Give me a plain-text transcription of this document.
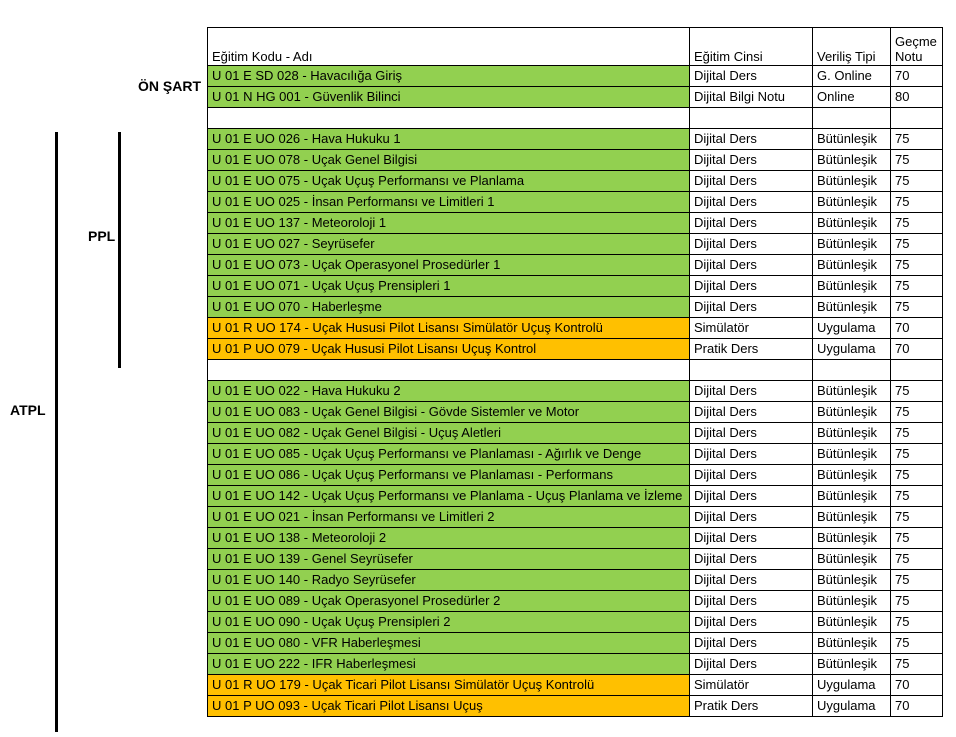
ÖN ŞART
PPL
ATPL
Eğitim Kodu - Adı	Eğitim Cinsi	Veriliş Tipi	Geçme
Notu
U 01 E SD 028 - Havacılığa Giriş	Dijital Ders	G. Online	70
U 01 N HG 001 - Güvenlik Bilinci	Dijital Bilgi Notu	Online	80

U 01 E UO 026 - Hava Hukuku 1	Dijital Ders	Bütünleşik	75
U 01 E UO 078 - Uçak Genel Bilgisi	Dijital Ders	Bütünleşik	75
U 01 E UO 075 - Uçak Uçuş Performansı ve Planlama	Dijital Ders	Bütünleşik	75
U 01 E UO 025 - İnsan Performansı ve Limitleri 1	Dijital Ders	Bütünleşik	75
U 01 E UO 137 - Meteoroloji 1	Dijital Ders	Bütünleşik	75
U 01 E UO 027 - Seyrüsefer	Dijital Ders	Bütünleşik	75
U 01 E UO 073 - Uçak Operasyonel Prosedürler 1	Dijital Ders	Bütünleşik	75
U 01 E UO 071 - Uçak Uçuş Prensipleri 1	Dijital Ders	Bütünleşik	75
U 01 E UO 070 - Haberleşme	Dijital Ders	Bütünleşik	75
U 01 R UO 174 - Uçak Hususi Pilot Lisansı Simülatör Uçuş Kontrolü	Simülatör	Uygulama	70
U 01 P UO 079 - Uçak Hususi Pilot Lisansı Uçuş Kontrol	Pratik Ders	Uygulama	70

U 01 E UO 022 - Hava Hukuku 2	Dijital Ders	Bütünleşik	75
U 01 E UO 083 - Uçak Genel Bilgisi - Gövde Sistemler ve Motor	Dijital Ders	Bütünleşik	75
U 01 E UO 082 - Uçak Genel Bilgisi - Uçuş Aletleri	Dijital Ders	Bütünleşik	75
U 01 E UO 085 - Uçak Uçuş Performansı ve Planlaması - Ağırlık ve Denge	Dijital Ders	Bütünleşik	75
U 01 E UO 086 - Uçak Uçuş Performansı ve Planlaması - Performans	Dijital Ders	Bütünleşik	75
U 01 E UO 142 - Uçak Uçuş Performansı ve Planlama - Uçuş Planlama ve İzleme	Dijital Ders	Bütünleşik	75
U 01 E UO 021 - İnsan Performansı ve Limitleri 2	Dijital Ders	Bütünleşik	75
U 01 E UO 138 - Meteoroloji 2	Dijital Ders	Bütünleşik	75
U 01 E UO 139 - Genel Seyrüsefer	Dijital Ders	Bütünleşik	75
U 01 E UO 140 - Radyo Seyrüsefer	Dijital Ders	Bütünleşik	75
U 01 E UO 089 - Uçak Operasyonel Prosedürler 2	Dijital Ders	Bütünleşik	75
U 01 E UO 090 - Uçak Uçuş Prensipleri 2	Dijital Ders	Bütünleşik	75
U 01 E UO 080 - VFR Haberleşmesi	Dijital Ders	Bütünleşik	75
U 01 E UO 222 - IFR Haberleşmesi	Dijital Ders	Bütünleşik	75
U 01 R UO 179 - Uçak Ticari Pilot Lisansı Simülatör Uçuş Kontrolü	Simülatör	Uygulama	70
U 01 P UO 093 - Uçak Ticari Pilot Lisansı Uçuş	Pratik Ders	Uygulama	70
